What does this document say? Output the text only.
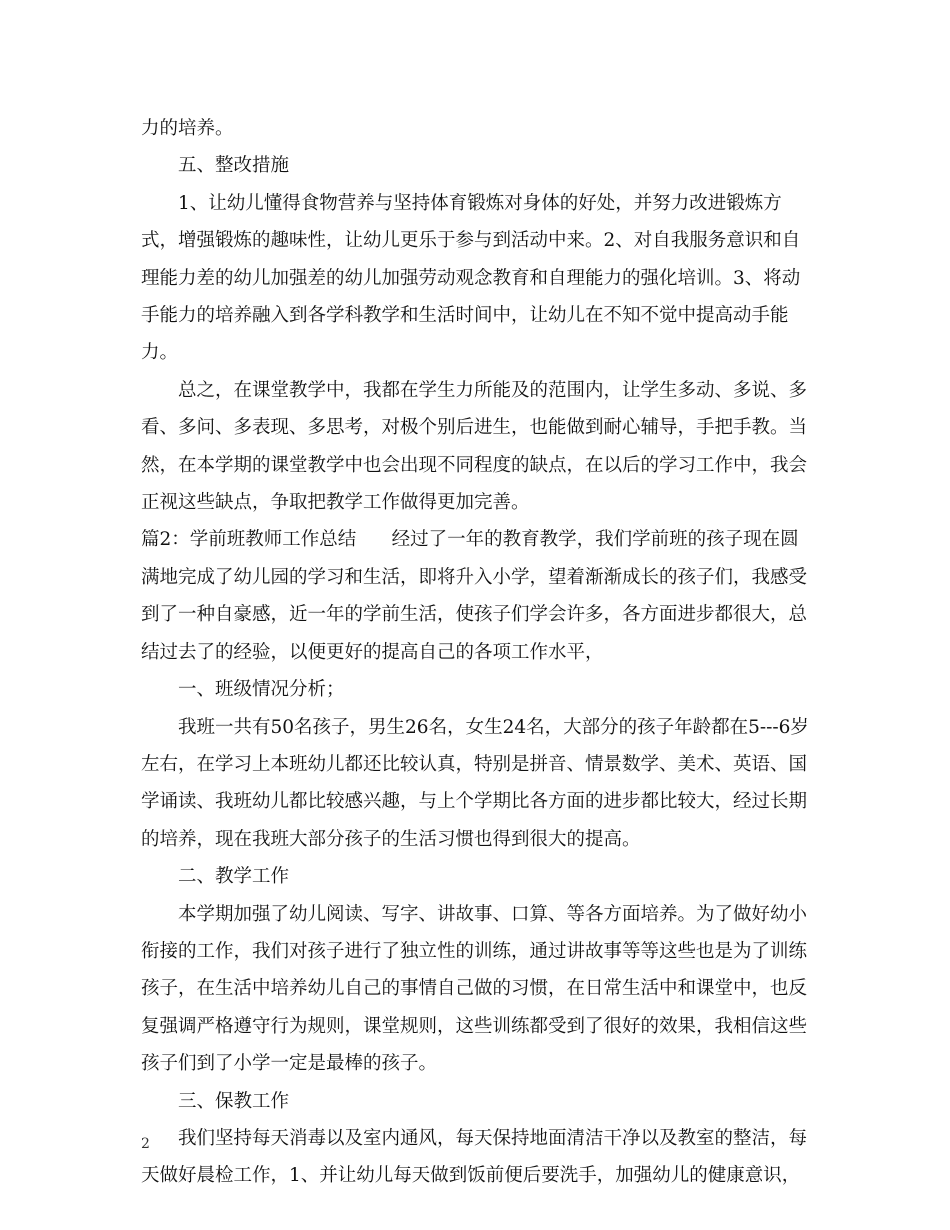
力的培养。

五、整改措施

1、让幼儿懂得食物营养与坚持体育锻炼对身体的好处，并努力改进锻炼方式，增强锻炼的趣味性，让幼儿更乐于参与到活动中来。2、对自我服务意识和自理能力差的幼儿加强差的幼儿加强劳动观念教育和自理能力的强化培训。3、将动手能力的培养融入到各学科教学和生活时间中，让幼儿在不知不觉中提高动手能力。

总之，在课堂教学中，我都在学生力所能及的范围内，让学生多动、多说、多看、多问、多表现、多思考，对极个别后进生，也能做到耐心辅导，手把手教。当然，在本学期的课堂教学中也会出现不同程度的缺点，在以后的学习工作中，我会正视这些缺点，争取把教学工作做得更加完善。

篇2：学前班教师工作总结 经过了一年的教育教学，我们学前班的孩子现在圆满地完成了幼儿园的学习和生活，即将升入小学，望着渐渐成长的孩子们，我感受到了一种自豪感，近一年的学前生活，使孩子们学会许多，各方面进步都很大，总结过去了的经验，以便更好的提高自己的各项工作水平，

一、班级情况分析；

我班一共有50名孩子，男生26名，女生24名，大部分的孩子年龄都在5---6岁左右，在学习上本班幼儿都还比较认真，特别是拼音、情景数学、美术、英语、国学诵读、我班幼儿都比较感兴趣，与上个学期比各方面的进步都比较大，经过长期的培养，现在我班大部分孩子的生活习惯也得到很大的提高。

二、教学工作

本学期加强了幼儿阅读、写字、讲故事、口算、等各方面培养。为了做好幼小衔接的工作，我们对孩子进行了独立性的训练，通过讲故事等等这些也是为了训练孩子，在生活中培养幼儿自己的事情自己做的习惯，在日常生活中和课堂中，也反复强调严格遵守行为规则，课堂规则，这些训练都受到了很好的效果，我相信这些孩子们到了小学一定是最棒的孩子。

三、保教工作

我们坚持每天消毒以及室内通风，每天保持地面清洁干净以及教室的整洁，每天做好晨检工作，1、并让幼儿每天做到饭前便后要洗手，加强幼儿的健康意识，

2
